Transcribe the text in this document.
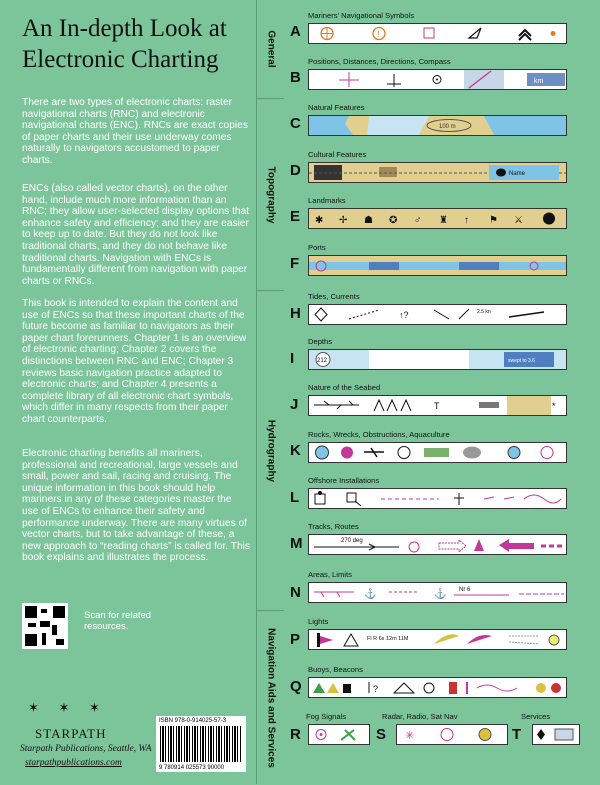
An In-depth Look at Electronic Charting
There are two types of electronic charts: raster navigational charts (RNC) and electronic navigational charts (ENC). RNCs are exact copies of paper charts and their use underway comes naturally to navigators accustomed to paper charts.
ENCs (also called vector charts), on the other hand, include much more information than an RNC; they allow user-selected display options that enhance safety and efficiency; and they are easier to keep up to date. But they do not look like traditional charts, and they do not behave like traditional charts. Navigation with ENCs is fundamentally different from navigation with paper charts or RNCs.
This book is intended to explain the content and use of ENCs so that these important charts of the future become as familiar to navigators as their paper chart forerunners. Chapter 1 is an overview of electronic charting; Chapter 2 covers the distinctions between RNC and ENC; Chapter 3 reviews basic navigation practice adapted to electronic charts; and Chapter 4 presents a complete library of all electronic chart symbols, which differ in many respects from their paper chart counterparts.
Electronic charting benefits all mariners, professional and recreational, large vessels and small, power and sail, racing and cruising. The unique information in this book should help mariners in any of these categories master the use of ENCs to enhance their safety and performance underway. There are many virtues of vector charts, but to take advantage of these, a new approach to “reading charts” is called for. This book explains and illustrates the process.
Scan for related resources.
✶ ✶ ✶
STARPATH
Starpath Publications, Seattle, WA
starpathpublications.com
ISBN 978-0-914025-57-3
9 780914 025573 90000
General
Topography
Hydrography
Navigation Aids and Services
Mariners' Navigational Symbols
A	!
Positions, Distances, Directions, Compass
B	km
Natural Features
C	100 m
Cultural Features
D	Name
Landmarks
E ✱ ✢ ☗ ✪ ♂ ♜ ↑ ⚑ ⚔
Ports
F
Tides, Currents
H	↑?	2.5 kn
Depths
I	212	swept to 3.6
Nature of the Seabed
J	T	*
Rocks, Wrecks, Obstructions, Aquaculture
K
Offshore Installations
L
Tracks, Routes
M	270 deg
Areas, Limits
N	⚓	⚓ Nr 6
Lights
P	Fl R 6s 12m 11M
Buoys, Beacons
Q	?
Fog Signals	Radar, Radio, Sat Nav	Services
R	S ✳	T
